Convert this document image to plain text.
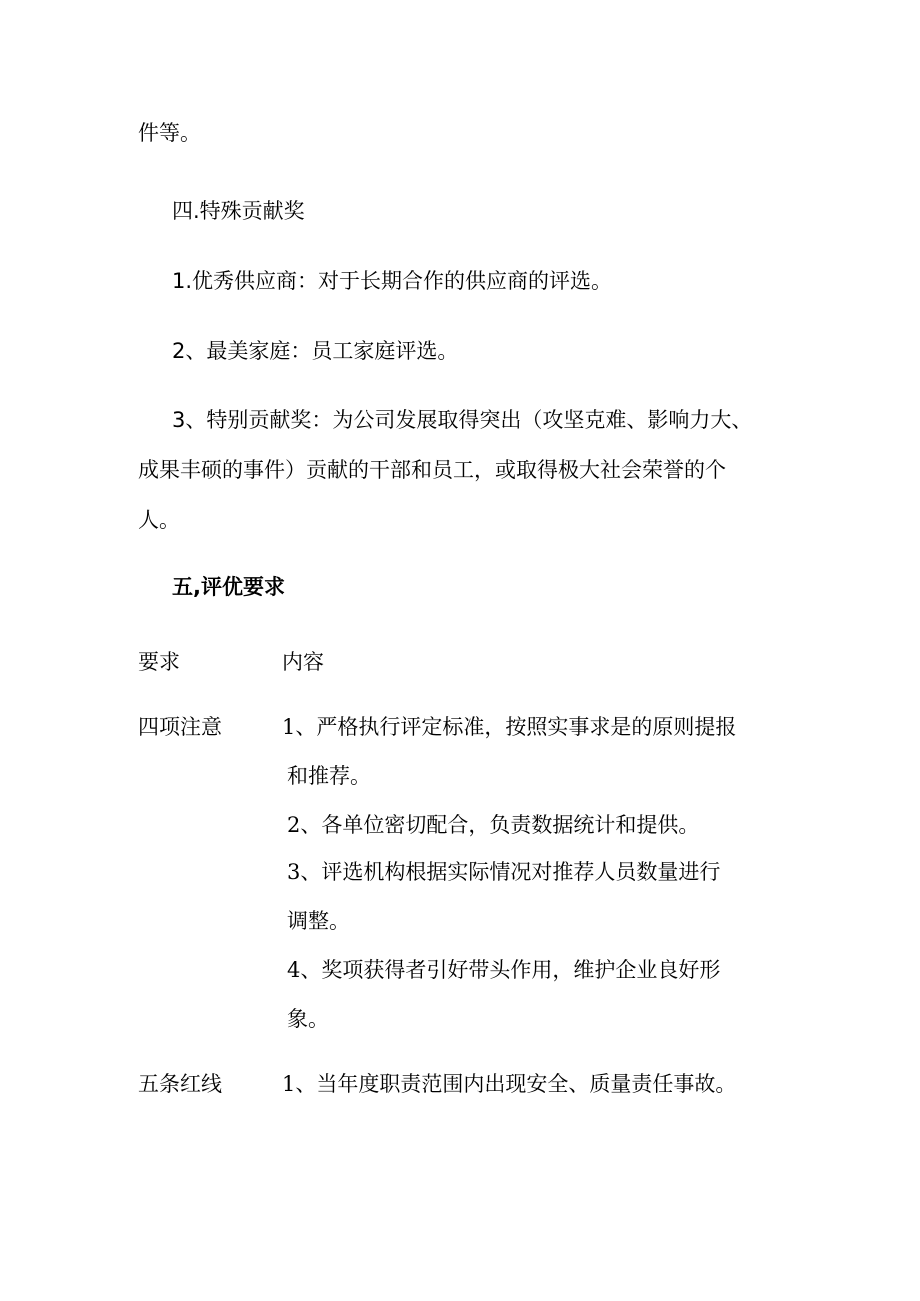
件等。
四.特殊贡献奖
1.优秀供应商：对于长期合作的供应商的评选。
2、最美家庭：员工家庭评选。
3、特别贡献奖：为公司发展取得突出（攻坚克难、影响力大、
成果丰硕的事件）贡献的干部和员工，或取得极大社会荣誉的个
人。
五,评优要求
要求	内容
四项注意	1、严格执行评定标准，按照实事求是的原则提报
和推荐。
2、各单位密切配合，负责数据统计和提供。
3、评选机构根据实际情况对推荐人员数量进行
调整。
4、奖项获得者引好带头作用，维护企业良好形
象。
五条红线	1、当年度职责范围内出现安全、质量责任事故。
